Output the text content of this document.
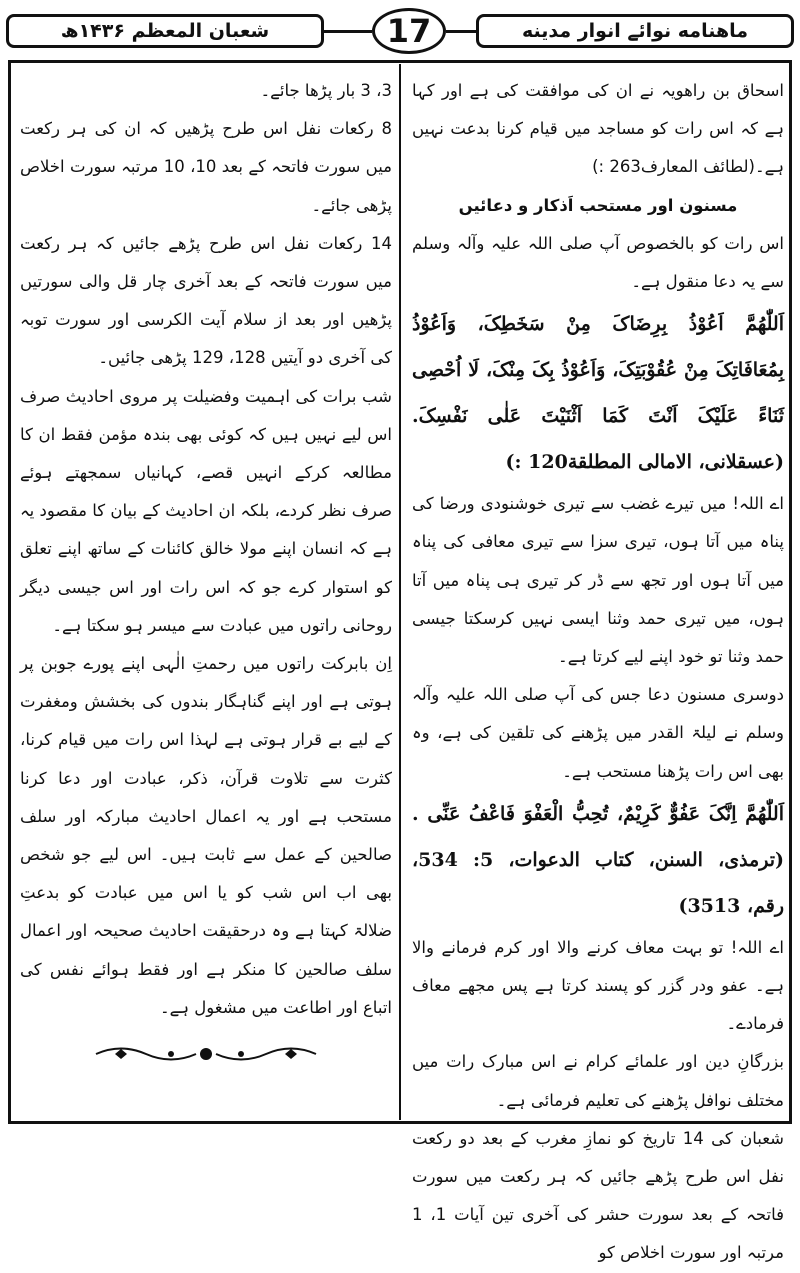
شعبان المعظم ۱۴۳۶ھ	17	ماهنامه نوائے انوار مدینه

اسحاق بن راھویہ نے ان کی موافقت کی ہے اور کہا ہے کہ اس رات کو مساجد میں قیام کرنا بدعت نہیں ہے۔(لطائف المعارف263 :)

مسنون اور مستحب اَذکار و دعائیں

اس رات کو بالخصوص آپ صلی اللہ علیہ وآلہ وسلم سے یہ دعا منقول ہے۔

اَللّٰھُمَّ اَعُوْذُ بِرِضَاکَ مِنْ سَخَطِکَ، وَاَعُوْذُ بِمُعَافَاتِکَ مِنْ عُقُوْبَتِکَ، وَاَعُوْذُ بِکَ مِنْکَ، لَا اُحْصِی ثَنَاءً عَلَیْکَ اَنْتَ کَمَا اَثْنَیْتَ عَلٰی نَفْسِکَ.(عسقلانی، الامالی المطلقة120 :)

اے اللہ! میں تیرے غضب سے تیری خوشنودی ورضا کی پناہ میں آتا ہوں، تیری سزا سے تیری معافی کی پناہ میں آتا ہوں اور تجھ سے ڈر کر تیری ہی پناہ میں آتا ہوں، میں تیری حمد وثنا ایسی نہیں کرسکتا جیسی حمد وثنا تو خود اپنے لیے کرتا ہے۔

دوسری مسنون دعا جس کی آپ صلی اللہ علیہ وآلہ وسلم نے لیلۃ القدر میں پڑھنے کی تلقین کی ہے، وہ بھی اس رات پڑھنا مستحب ہے۔

اَللّٰھُمَّ اِنَّکَ عَفُوٌّ کَرِیْمٌ، تُحِبُّ الْعَفْوَ فَاعْفُ عَنِّی .(ترمذی، السنن، کتاب الدعوات، 5: 534، رقم، 3513)

اے اللہ! تو بہت معاف کرنے والا اور کرم فرمانے والا ہے۔ عفو ودر گزر کو پسند کرتا ہے پس مجھے معاف فرمادے۔

بزرگانِ دین اور علمائے کرام نے اس مبارک رات میں مختلف نوافل پڑھنے کی تعلیم فرمائی ہے۔

شعبان کی 14 تاریخ کو نمازِ مغرب کے بعد دو رکعت نفل اس طرح پڑھے جائیں کہ ہر رکعت میں سورت فاتحہ کے بعد سورت حشر کی آخری تین آیات 1، 1 مرتبہ اور سورت اخلاص کو

3، 3 بار پڑھا جائے۔

8 رکعات نفل اس طرح پڑھیں کہ ان کی ہر رکعت میں سورت فاتحہ کے بعد 10، 10 مرتبہ سورت اخلاص پڑھی جائے۔

14 رکعات نفل اس طرح پڑھے جائیں کہ ہر رکعت میں سورت فاتحہ کے بعد آخری چار قل والی سورتیں پڑھیں اور بعد از سلام آیت الکرسی اور سورت توبہ کی آخری دو آیتیں 128، 129 پڑھی جائیں۔

شب برات کی اہمیت وفضیلت پر مروی احادیث صرف اس لیے نہیں ہیں کہ کوئی بھی بندہ مؤمن فقط ان کا مطالعہ کرکے انہیں قصے، کہانیاں سمجھتے ہوئے صرف نظر کردے، بلکہ ان احادیث کے بیان کا مقصود یہ ہے کہ انسان اپنے مولا خالق کائنات کے ساتھ اپنے تعلق کو استوار کرے جو کہ اس رات اور اس جیسی دیگر روحانی راتوں میں عبادت سے میسر ہو سکتا ہے۔

اِن بابرکت راتوں میں رحمتِ الٰہی اپنے پورے جوبن پر ہوتی ہے اور اپنے گناہگار بندوں کی بخشش ومغفرت کے لیے بے قرار ہوتی ہے لہذا اس رات میں قیام کرنا، کثرت سے تلاوت قرآن، ذکر، عبادت اور دعا کرنا مستحب ہے اور یہ اعمال احادیث مبارکہ اور سلف صالحین کے عمل سے ثابت ہیں۔ اس لیے جو شخص بھی اب اس شب کو یا اس میں عبادت کو بدعتِ ضلالۃ کہتا ہے وہ درحقیقت احادیث صحیحہ اور اعمال سلف صالحین کا منکر ہے اور فقط ہوائے نفس کی اتباع اور اطاعت میں مشغول ہے۔
